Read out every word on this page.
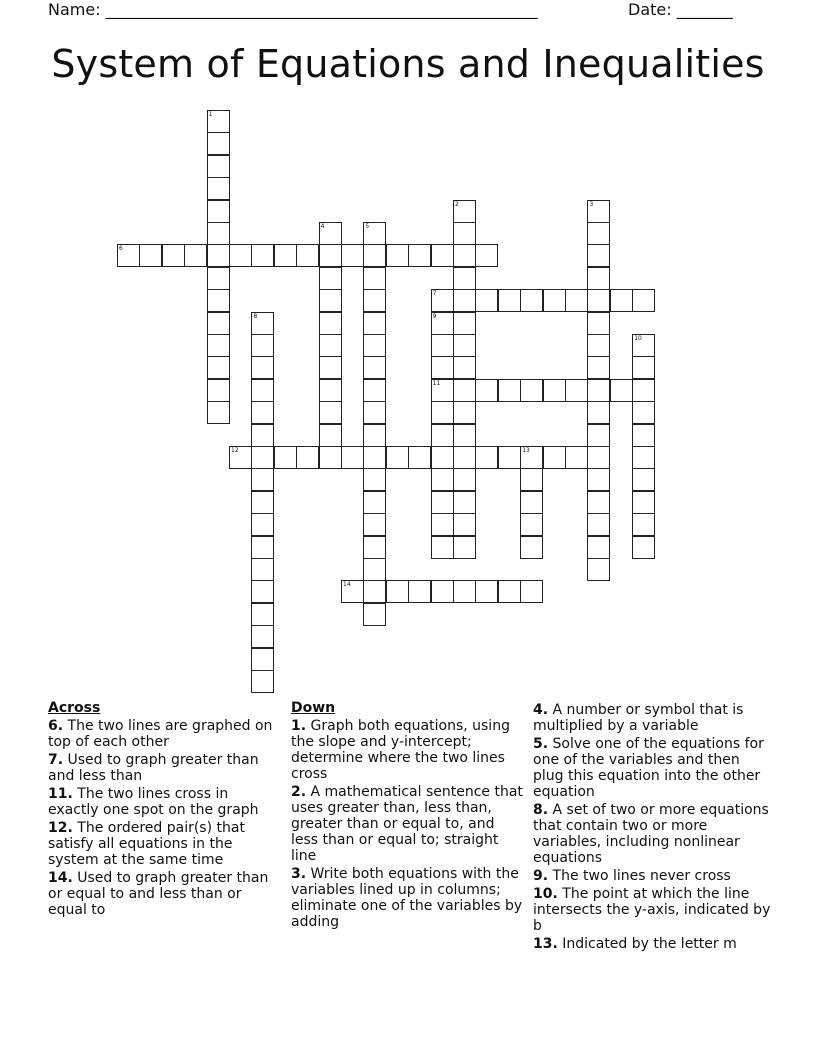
Name: ______________________________________________________	Date: _______
System of Equations and Inequalities
1
2	3
4	5
6
7
8	9
10
11
12	13
14
Across
6. The two lines are graphed on top of each other
7. Used to graph greater than and less than
11. The two lines cross in exactly one spot on the graph
12. The ordered pair(s) that satisfy all equations in the system at the same time
14. Used to graph greater than or equal to and less than or equal to
Down
1. Graph both equations, using the slope and y-intercept; determine where the two lines cross
2. A mathematical sentence that uses greater than, less than, greater than or equal to, and less than or equal to; straight line
3. Write both equations with the variables lined up in columns; eliminate one of the variables by adding
4. A number or symbol that is multiplied by a variable
5. Solve one of the equations for one of the variables and then plug this equation into the other equation
8. A set of two or more equations that contain two or more variables, including nonlinear equations
9. The two lines never cross
10. The point at which the line intersects the y-axis, indicated by b
13. Indicated by the letter m
